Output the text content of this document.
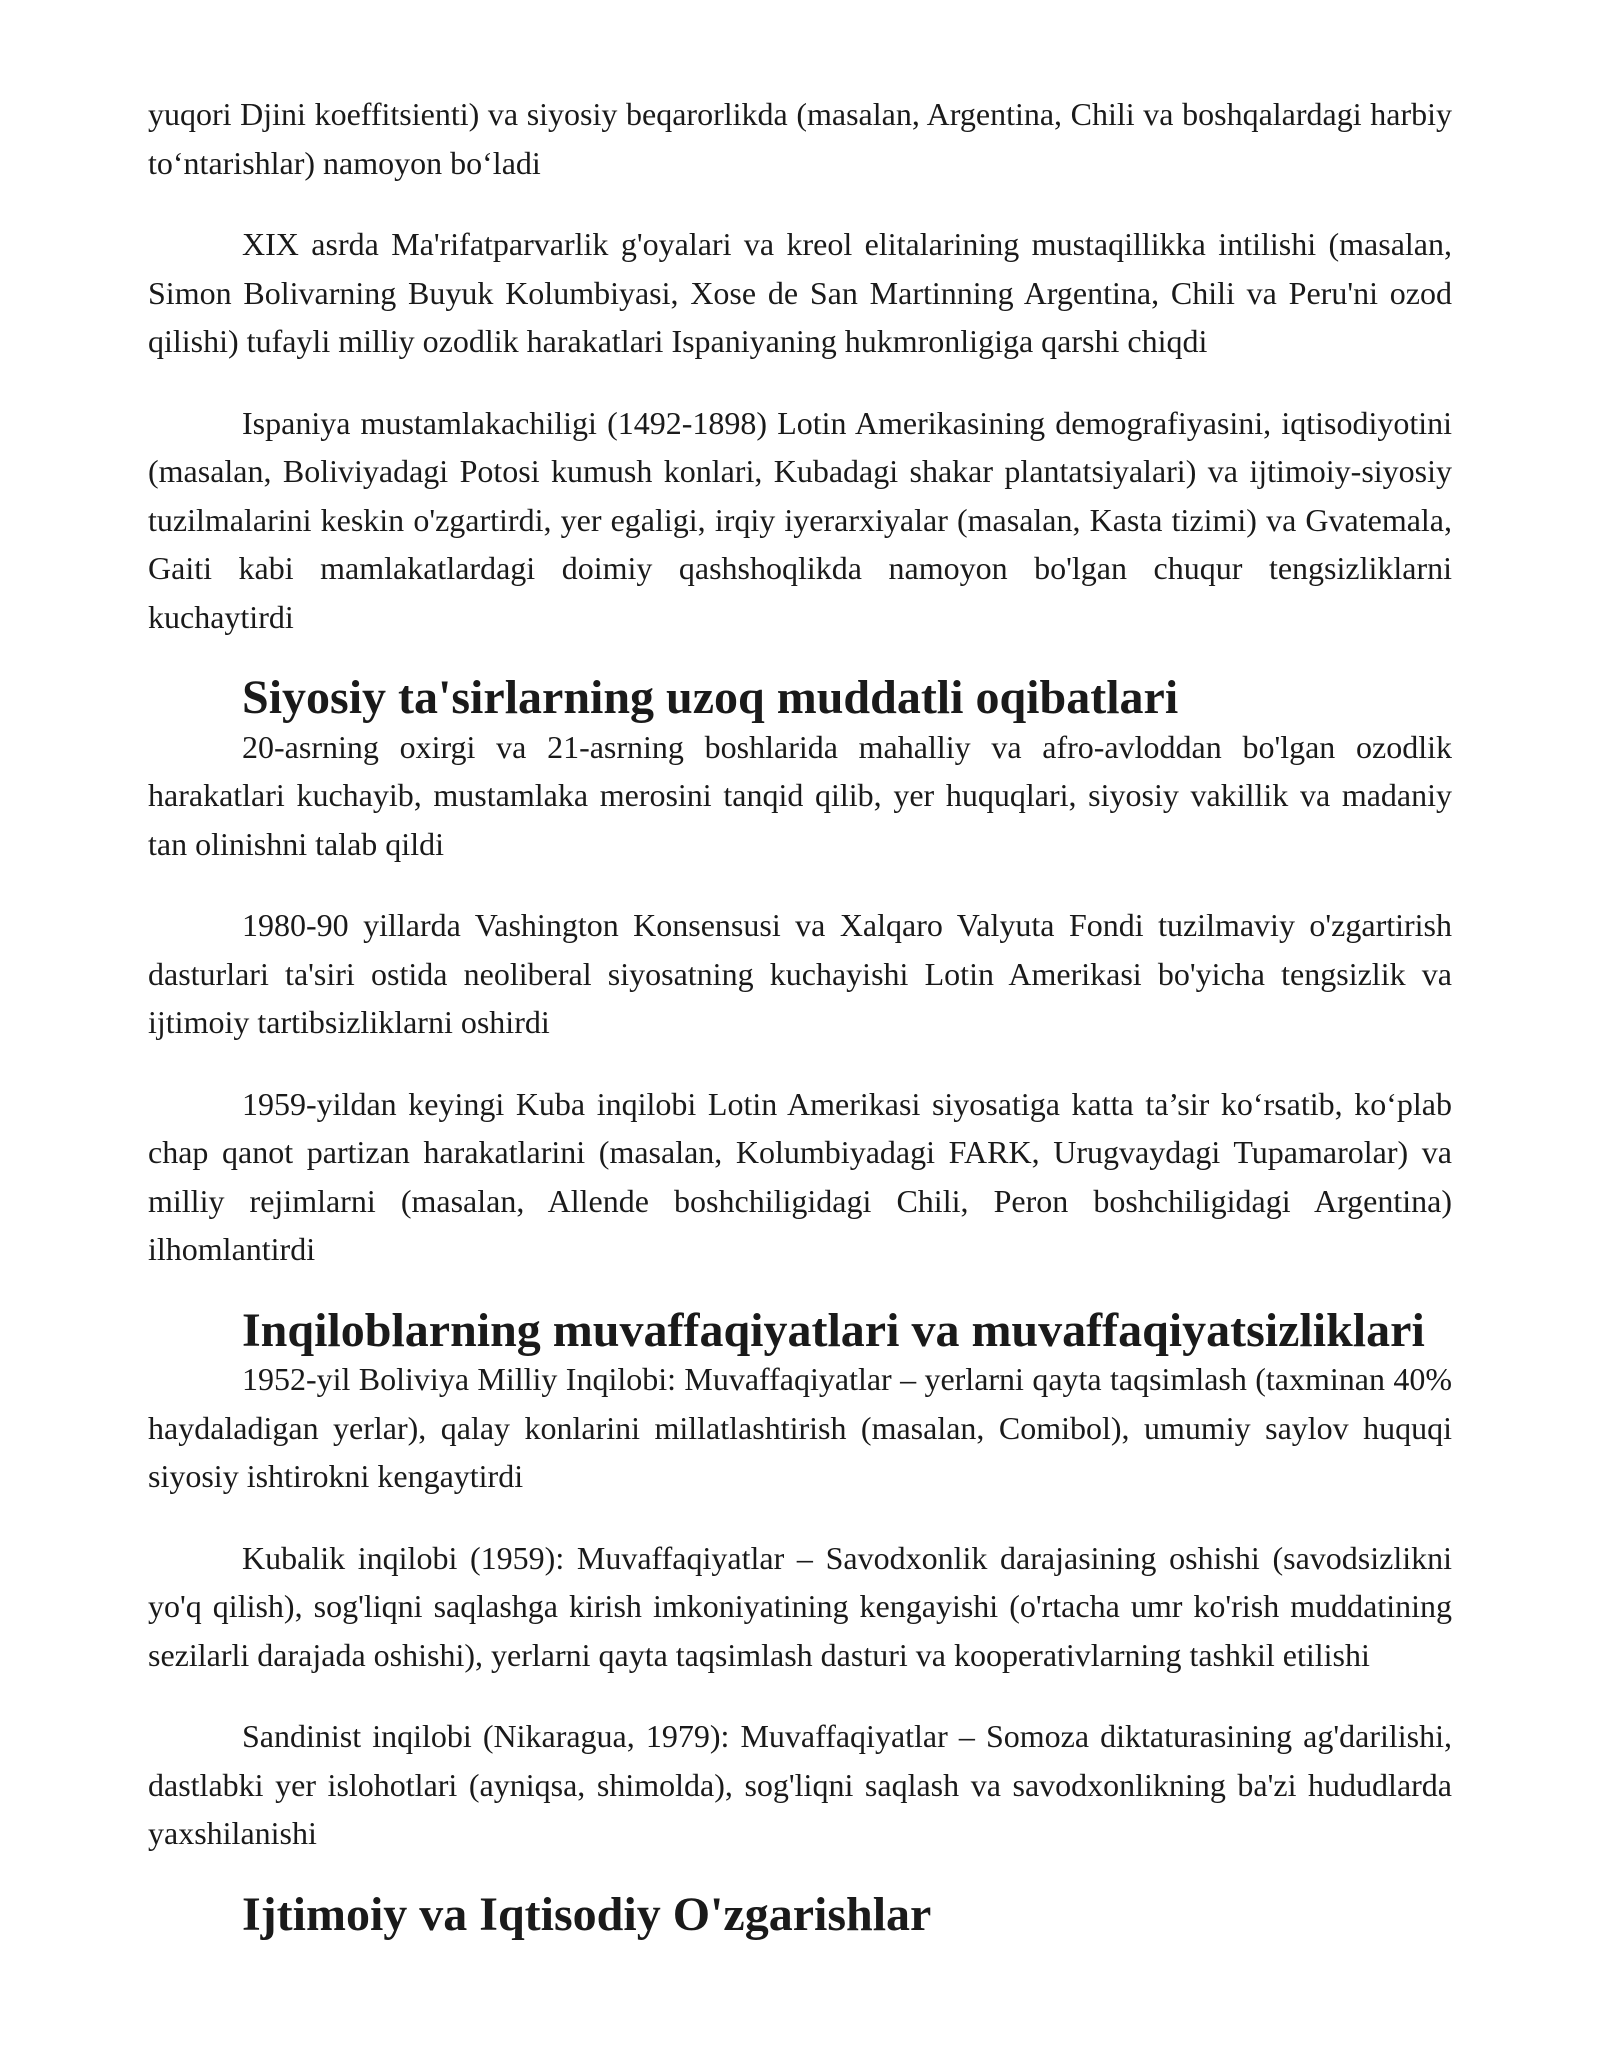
yuqori Djini koeffitsienti) va siyosiy beqarorlikda (masalan, Argentina, Chili va boshqalardagi harbiy to‘ntarishlar) namoyon bo‘ladi

XIX asrda Ma'rifatparvarlik g'oyalari va kreol elitalarining mustaqillikka intilishi (masalan, Simon Bolivarning Buyuk Kolumbiyasi, Xose de San Martinning Argentina, Chili va Peru'ni ozod qilishi) tufayli milliy ozodlik harakatlari Ispaniyaning hukmronligiga qarshi chiqdi

Ispaniya mustamlakachiligi (1492-1898) Lotin Amerikasining demografiyasini, iqtisodiyotini (masalan, Boliviyadagi Potosi kumush konlari, Kubadagi shakar plantatsiyalari) va ijtimoiy-siyosiy tuzilmalarini keskin o'zgartirdi, yer egaligi, irqiy iyerarxiyalar (masalan, Kasta tizimi) va Gvatemala, Gaiti kabi mamlakatlardagi doimiy qashshoqlikda namoyon bo'lgan chuqur tengsizliklarni kuchaytirdi

Siyosiy ta'sirlarning uzoq muddatli oqibatlari

20-asrning oxirgi va 21-asrning boshlarida mahalliy va afro-avloddan bo'lgan ozodlik harakatlari kuchayib, mustamlaka merosini tanqid qilib, yer huquqlari, siyosiy vakillik va madaniy tan olinishni talab qildi

1980-90 yillarda Vashington Konsensusi va Xalqaro Valyuta Fondi tuzilmaviy o'zgartirish dasturlari ta'siri ostida neoliberal siyosatning kuchayishi Lotin Amerikasi bo'yicha tengsizlik va ijtimoiy tartibsizliklarni oshirdi

1959-yildan keyingi Kuba inqilobi Lotin Amerikasi siyosatiga katta ta’sir ko‘rsatib, ko‘plab chap qanot partizan harakatlarini (masalan, Kolumbiyadagi FARK, Urugvaydagi Tupamarolar) va milliy rejimlarni (masalan, Allende boshchiligidagi Chili, Peron boshchiligidagi Argentina) ilhomlantirdi

Inqiloblarning muvaffaqiyatlari va muvaffaqiyatsizliklari

1952-yil Boliviya Milliy Inqilobi: Muvaffaqiyatlar – yerlarni qayta taqsimlash (taxminan 40% haydaladigan yerlar), qalay konlarini millatlashtirish (masalan, Comibol), umumiy saylov huquqi siyosiy ishtirokni kengaytirdi

Kubalik inqilobi (1959): Muvaffaqiyatlar – Savodxonlik darajasining oshishi (savodsizlikni yo'q qilish), sog'liqni saqlashga kirish imkoniyatining kengayishi (o'rtacha umr ko'rish muddatining sezilarli darajada oshishi), yerlarni qayta taqsimlash dasturi va kooperativlarning tashkil etilishi

Sandinist inqilobi (Nikaragua, 1979): Muvaffaqiyatlar – Somoza diktaturasining ag'darilishi, dastlabki yer islohotlari (ayniqsa, shimolda), sog'liqni saqlash va savodxonlikning ba'zi hududlarda yaxshilanishi

Ijtimoiy va Iqtisodiy O'zgarishlar
